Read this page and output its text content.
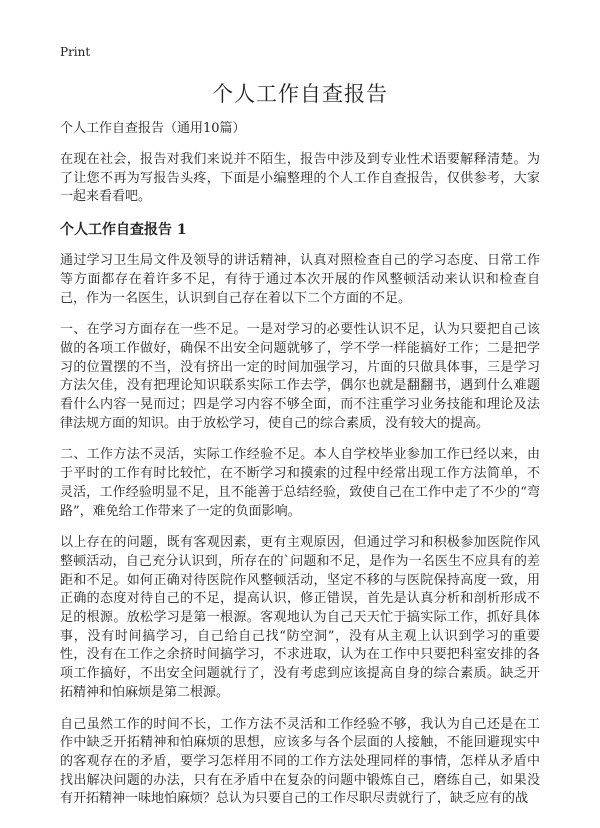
Print
个人工作自查报告
个人工作自查报告（通用10篇）

在现在社会，报告对我们来说并不陌生，报告中涉及到专业性术语要解释清楚。为了让您不再为写报告头疼，下面是小编整理的个人工作自查报告，仅供参考，大家一起来看看吧。

个人工作自查报告 1

通过学习卫生局文件及领导的讲话精神，认真对照检查自己的学习态度、日常工作等方面都存在着许多不足，有待于通过本次开展的作风整顿活动来认识和检查自己，作为一名医生，认识到自己存在着以下二个方面的不足。

一、在学习方面存在一些不足。一是对学习的必要性认识不足，认为只要把自己该做的各项工作做好，确保不出安全问题就够了，学不学一样能搞好工作；二是把学习的位置摆的不当，没有挤出一定的时间加强学习，片面的只做具体事，三是学习方法欠佳，没有把理论知识联系实际工作去学，偶尔也就是翻翻书，遇到什么难题看什么内容一晃而过；四是学习内容不够全面，而不注重学习业务技能和理论及法律法规方面的知识。由于放松学习，使自己的综合素质，没有较大的提高。

二、工作方法不灵活，实际工作经验不足。本人自学校毕业参加工作已经以来，由于平时的工作有时比较忙，在不断学习和摸索的过程中经常出现工作方法简单，不灵活，工作经验明显不足，且不能善于总结经验，致使自己在工作中走了不少的“弯路”，难免给工作带来了一定的负面影响。

以上存在的问题，既有客观因素，更有主观原因，但通过学习和积极参加医院作风整顿活动，自己充分认识到，所存在的`问题和不足，是作为一名医生不应具有的差距和不足。如何正确对待医院作风整顿活动，坚定不移的与医院保持高度一致，用正确的态度对待自己的不足，提高认识，修正错误，首先是认真分析和剖析形成不足的根源。放松学习是第一根源。客观地认为自己天天忙于搞实际工作，抓好具体事，没有时间搞学习，自己给自己找“防空洞”，没有从主观上认识到学习的重要性，没有在工作之余挤时间搞学习，不求进取，认为在工作中只要把科室安排的各项工作搞好，不出安全问题就行了，没有考虑到应该提高自身的综合素质。缺乏开拓精神和怕麻烦是第二根源。

自己虽然工作的时间不长，工作方法不灵活和工作经验不够，我认为自己还是在工作中缺乏开拓精神和怕麻烦的思想，应该多与各个层面的人接触，不能回避现实中的客观存在的矛盾，要学习怎样用不同的工作方法处理同样的事情，怎样从矛盾中找出解决问题的办法，只有在矛盾中在复杂的问题中锻炼自己，磨练自己，如果没有开拓精神一味地怕麻烦？总认为只要自己的工作尽职尽责就行了，缺乏应有的战
